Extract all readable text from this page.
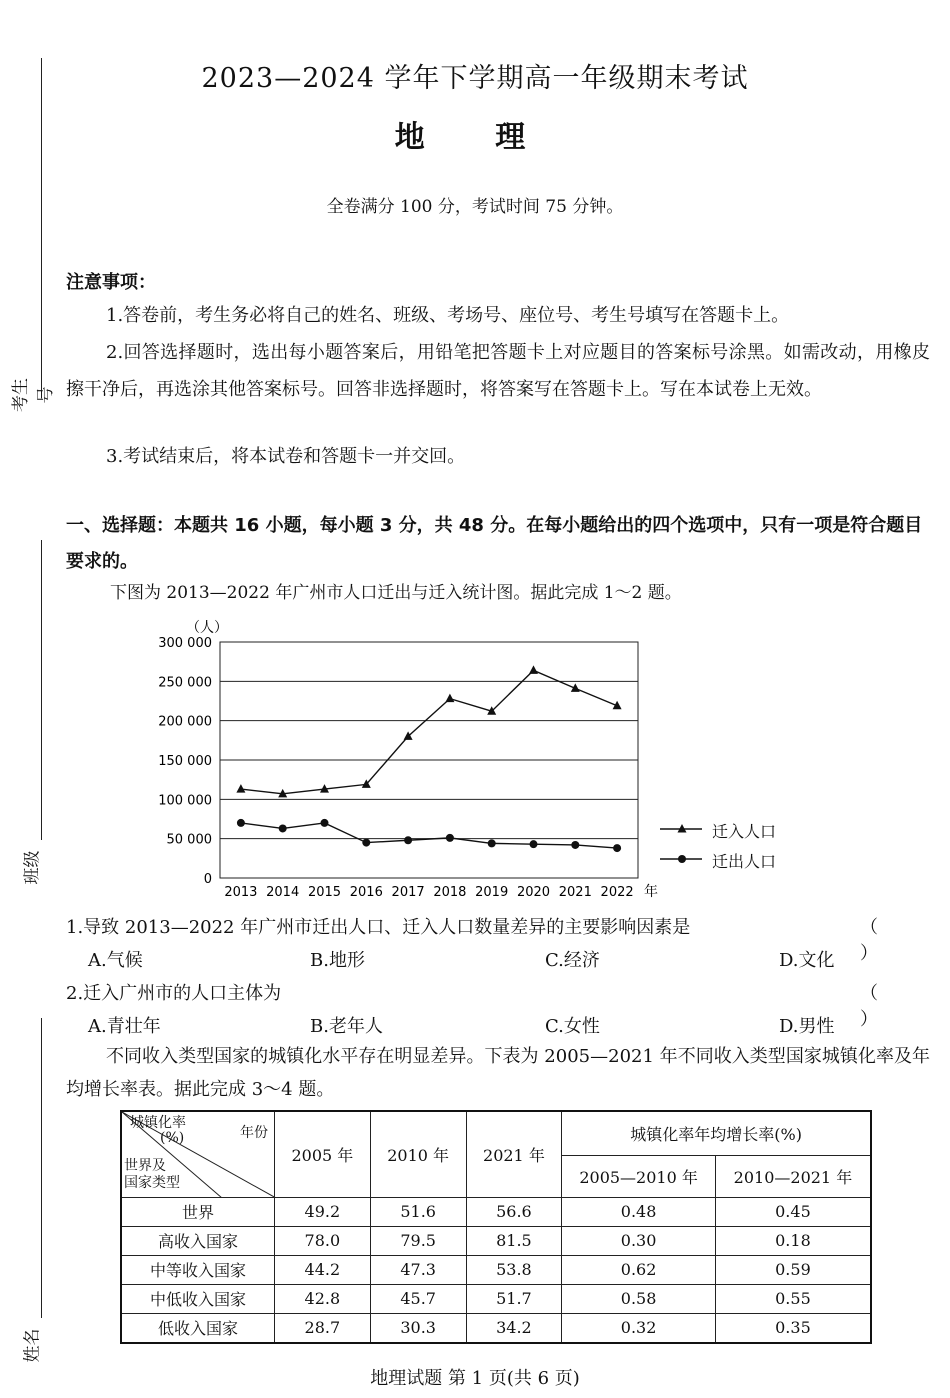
考生号
班级
姓名
2023—2024 学年下学期高一年级期末考试
地 理
全卷满分 100 分，考试时间 75 分钟。
注意事项：
1.答卷前，考生务必将自己的姓名、班级、考场号、座位号、考生号填写在答题卡上。
2.回答选择题时，选出每小题答案后，用铅笔把答题卡上对应题目的答案标号涂黑。如需改动，用橡皮擦干净后，再选涂其他答案标号。回答非选择题时，将答案写在答题卡上。写在本试卷上无效。
3.考试结束后，将本试卷和答题卡一并交回。
一、选择题：本题共 16 小题，每小题 3 分，共 48 分。在每小题给出的四个选项中，只有一项是符合题目要求的。
下图为 2013—2022 年广州市人口迁出与迁入统计图。据此完成 1～2 题。
0
50 000
100 000
150 000
200 000
250 000
300 000
2013 2014 2015 2016 2017 2018 2019 2020 2021 2022 年
（人）
1.导致 2013—2022 年广州市迁出人口、迁入人口数量差异的主要影响因素是	（ ）
A.气候	B.地形	C.经济	D.文化
2.迁入广州市的人口主体为	（ ）
A.青壮年	B.老年人	C.女性	D.男性
不同收入类型国家的城镇化水平存在明显差异。下表为 2005—2021 年不同收入类型国家城镇化率及年均增长率表。据此完成 3～4 题。
城镇化率
(%) 年份
世界及
国家类型	2005 年	2010 年	2021 年	城镇化率年均增长率(%)	
				2005—2010 年	2010—2021 年
世界	49.2	51.6	56.6	0.48	0.45
高收入国家	78.0	79.5	81.5	0.30	0.18
中等收入国家	44.2	47.3	53.8	0.62	0.59
中低收入国家	42.8	45.7	51.7	0.58	0.55
低收入国家	28.7	30.3	34.2	0.32	0.35
地理试题 第 1 页(共 6 页)
迁入人口
迁出人口
